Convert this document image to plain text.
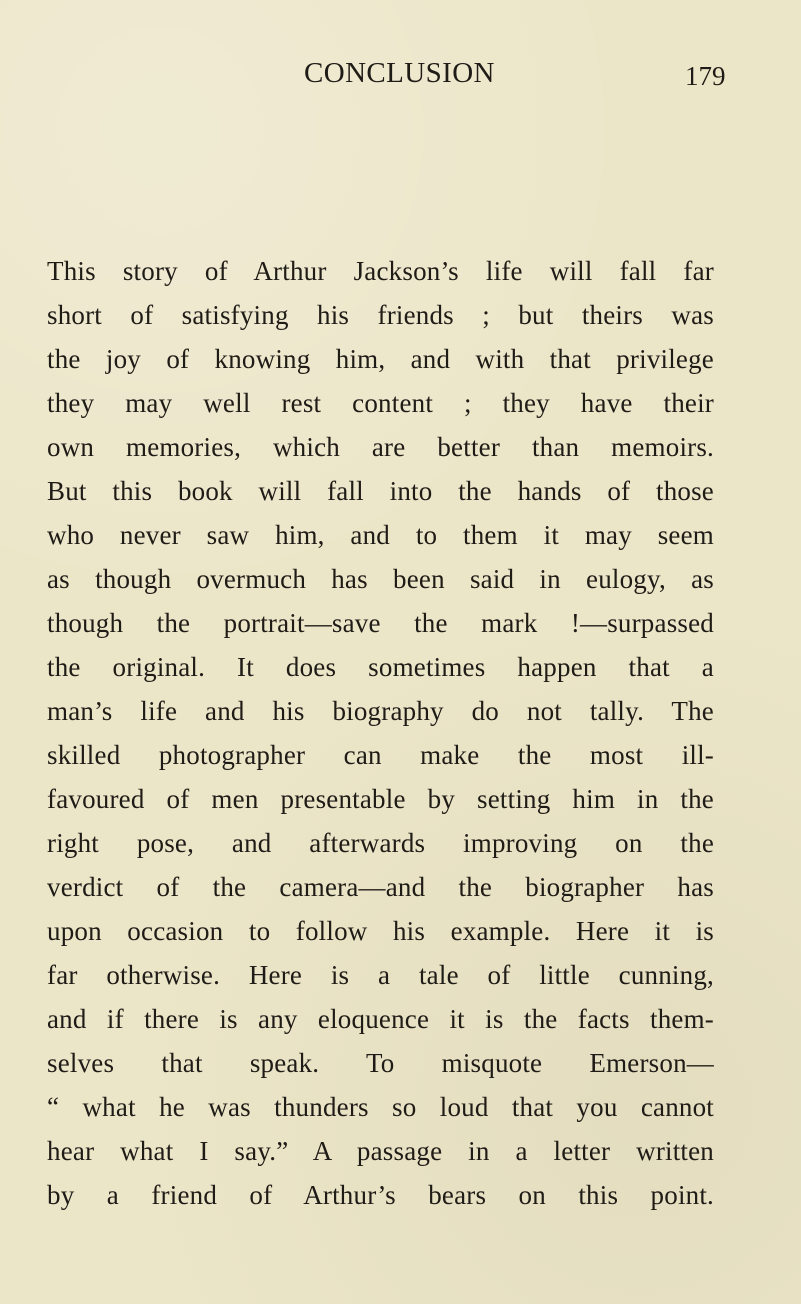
CONCLUSION	179
This story of Arthur Jackson’s life will fall far
short of satisfying his friends ; but theirs was
the joy of knowing him, and with that privilege
they may well rest content ; they have their
own memories, which are better than memoirs.
But this book will fall into the hands of those
who never saw him, and to them it may seem
as though overmuch has been said in eulogy, as
though the portrait—save the mark !—surpassed
the original. It does sometimes happen that a
man’s life and his biography do not tally. The
skilled photographer can make the most ill-
favoured of men presentable by setting him in the
right pose, and afterwards improving on the
verdict of the camera—and the biographer has
upon occasion to follow his example. Here it is
far otherwise. Here is a tale of little cunning,
and if there is any eloquence it is the facts them-
selves that speak. To misquote Emerson—
“ what he was thunders so loud that you cannot
hear what I say.” A passage in a letter written
by a friend of Arthur’s bears on this point.
